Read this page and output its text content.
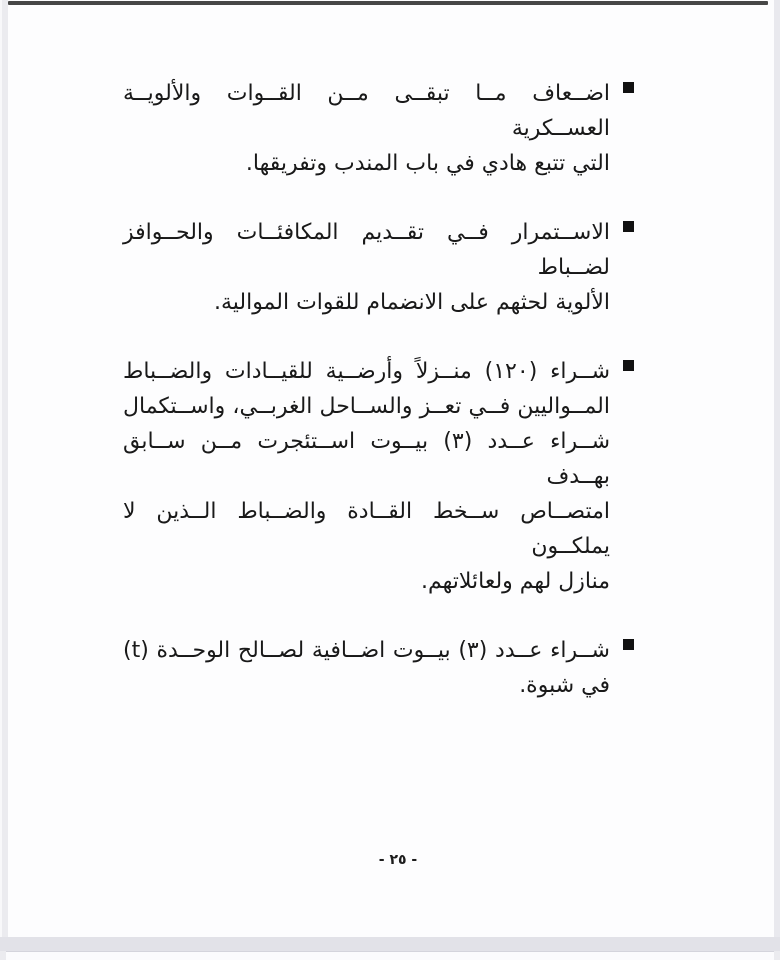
اضــعاف مــا تبقــى مــن القــوات والألويــة العســكرية
التي تتبع هادي في باب المندب وتفريقها.
الاســتمرار فــي تقــديم المكافئــات والحــوافز لضــباط
الألوية لحثهم على الانضمام للقوات الموالية.
شــراء (١٢٠) منــزلاً وأرضــية للقيــادات والضــباط
المــواليين فــي تعــز والســاحل الغربــي، واســتكمال
شــراء عــدد (٣) بيــوت اســتئجرت مــن ســابق بهــدف
امتصــاص ســخط القــادة والضــباط الــذين لا يملكــون
منازل لهم ولعائلاتهم.
شــراء عــدد (٣) بيــوت اضــافية لصــالح الوحــدة (t)
في شبوة.
- ٢٥ -
